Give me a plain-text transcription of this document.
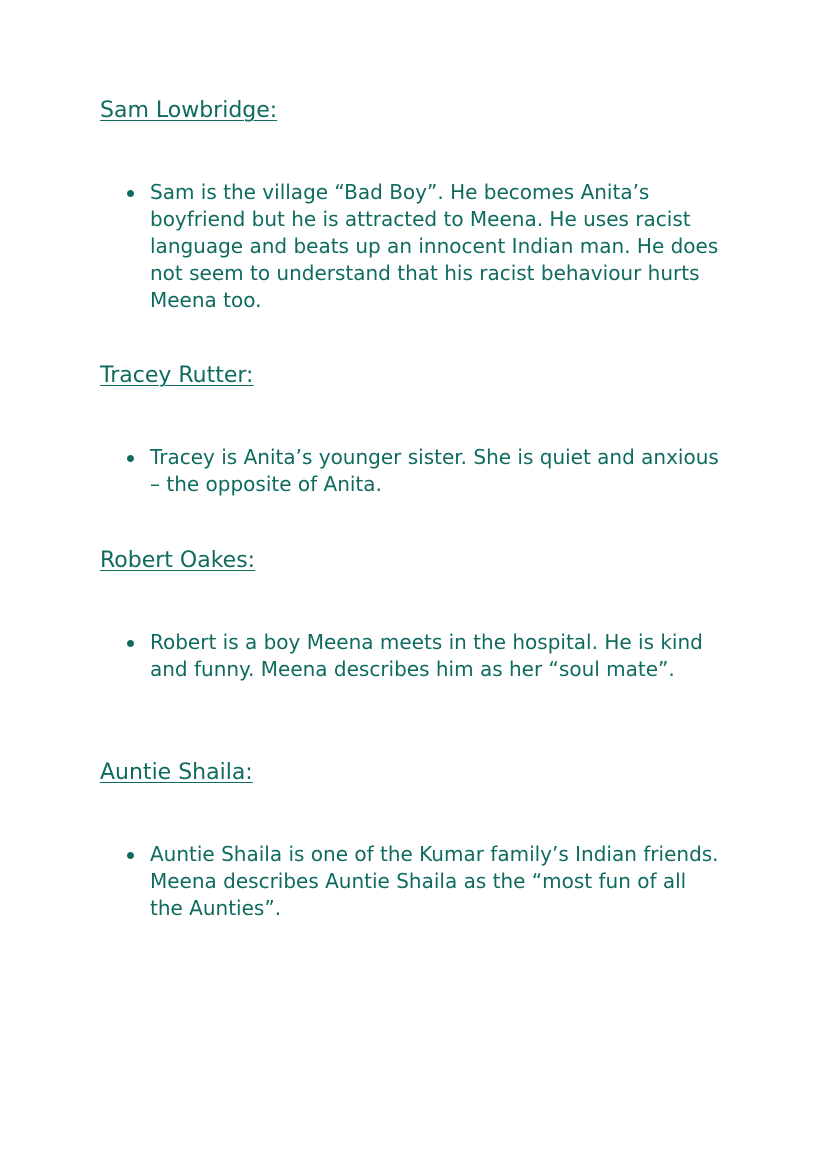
Sam Lowbridge:
Sam is the village “Bad Boy”. He becomes Anita’s boyfriend but he is attracted to Meena. He uses racist language and beats up an innocent Indian man. He does not seem to understand that his racist behaviour hurts Meena too.
Tracey Rutter:
Tracey is Anita’s younger sister. She is quiet and anxious – the opposite of Anita.
Robert Oakes:
Robert is a boy Meena meets in the hospital. He is kind and funny. Meena describes him as her “soul mate”.
Auntie Shaila:
Auntie Shaila is one of the Kumar family’s Indian friends. Meena describes Auntie Shaila as the “most fun of all the Aunties”.
